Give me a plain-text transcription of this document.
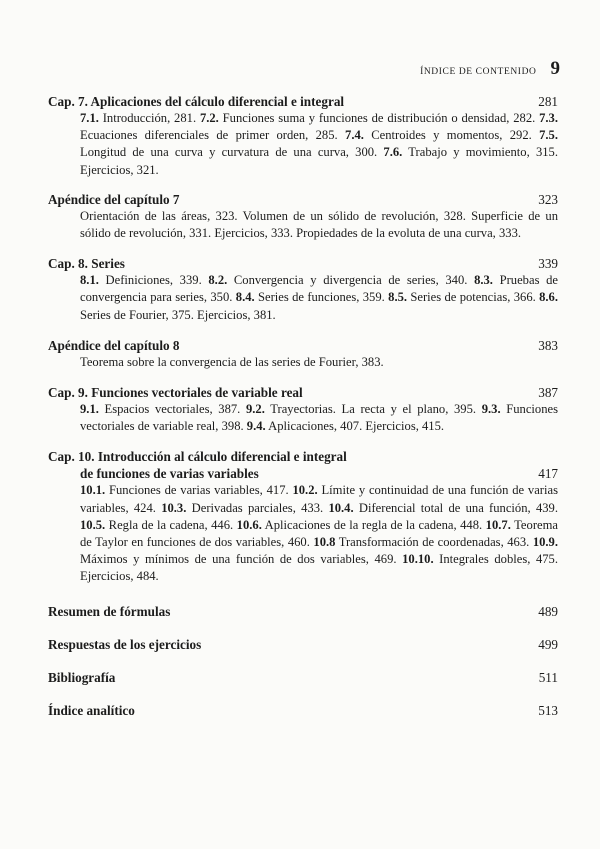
ÍNDICE DE CONTENIDO 9
Cap. 7. Aplicaciones del cálculo diferencial e integral	281
7.1. Introducción, 281. 7.2. Funciones suma y funciones de distribución o densidad, 282. 7.3. Ecuaciones diferenciales de primer orden, 285. 7.4. Centroides y momentos, 292. 7.5. Longitud de una curva y curvatura de una curva, 300. 7.6. Trabajo y movimiento, 315. Ejercicios, 321.
Apéndice del capítulo 7	323
Orientación de las áreas, 323. Volumen de un sólido de revolución, 328. Superficie de un sólido de revolución, 331. Ejercicios, 333. Propiedades de la evoluta de una curva, 333.
Cap. 8. Series	339
8.1. Definiciones, 339. 8.2. Convergencia y divergencia de series, 340. 8.3. Pruebas de convergencia para series, 350. 8.4. Series de funciones, 359. 8.5. Series de potencias, 366. 8.6. Series de Fourier, 375. Ejercicios, 381.
Apéndice del capítulo 8	383
Teorema sobre la convergencia de las series de Fourier, 383.
Cap. 9. Funciones vectoriales de variable real	387
9.1. Espacios vectoriales, 387. 9.2. Trayectorias. La recta y el plano, 395. 9.3. Funciones vectoriales de variable real, 398. 9.4. Aplicaciones, 407. Ejercicios, 415.
Cap. 10. Introducción al cálculo diferencial e integral
de funciones de varias variables	417
10.1. Funciones de varias variables, 417. 10.2. Límite y continuidad de una función de varias variables, 424. 10.3. Derivadas parciales, 433. 10.4. Diferencial total de una función, 439. 10.5. Regla de la cadena, 446. 10.6. Aplicaciones de la regla de la cadena, 448. 10.7. Teorema de Taylor en funciones de dos variables, 460. 10.8 Transformación de coordenadas, 463. 10.9. Máximos y mínimos de una función de dos variables, 469. 10.10. Integrales dobles, 475. Ejercicios, 484.
Resumen de fórmulas	489
Respuestas de los ejercicios	499
Bibliografía	511
Índice analítico	513
